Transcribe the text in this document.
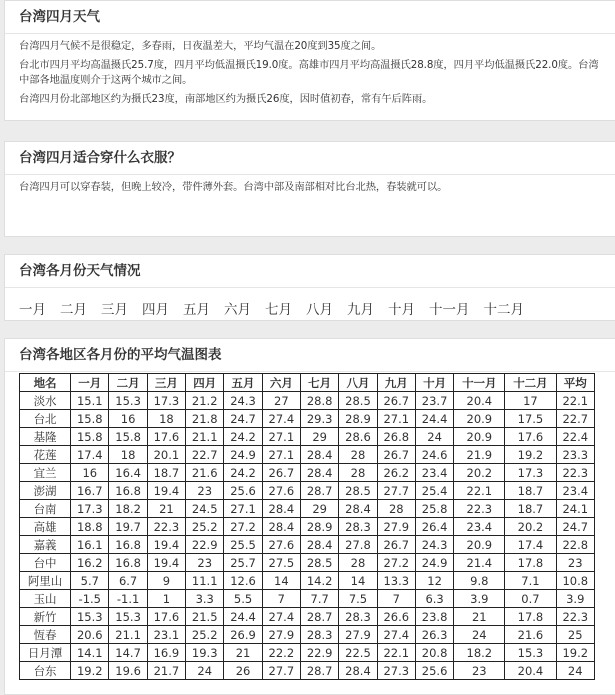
台湾四月天气

台湾四月气候不是很稳定，多春雨，日夜温差大，平均气温在20度到35度之间。

台北市四月平均高温摄氏25.7度，四月平均低温摄氏19.0度。高雄市四月平均高温摄氏28.8度，四月平均低温摄氏22.0度。台湾中部各地温度则介于这两个城市之间。

台湾四月份北部地区约为摄氏23度，南部地区约为摄氏26度，因时值初春，常有午后阵雨。

台湾四月适合穿什么衣服？

台湾四月可以穿春装，但晚上较冷，带件薄外套。台湾中部及南部相对比台北热，春装就可以。

台湾各月份天气情况
一月 二月 三月 四月 五月 六月 七月 八月 九月 十月 十一月 十二月
台湾各地区各月份的平均气温图表
地名	一月	二月	三月	四月	五月	六月	七月	八月	九月	十月	十一月	十二月	平均
淡水	15.1	15.3	17.3	21.2	24.3	27	28.8	28.5	26.7	23.7	20.4	17	22.1
台北	15.8	16	18	21.8	24.7	27.4	29.3	28.9	27.1	24.4	20.9	17.5	22.7
基隆	15.8	15.8	17.6	21.1	24.2	27.1	29	28.6	26.8	24	20.9	17.6	22.4
花莲	17.4	18	20.1	22.7	24.9	27.1	28.4	28	26.7	24.6	21.9	19.2	23.3
宜兰	16	16.4	18.7	21.6	24.2	26.7	28.4	28	26.2	23.4	20.2	17.3	22.3
澎湖	16.7	16.8	19.4	23	25.6	27.6	28.7	28.5	27.7	25.4	22.1	18.7	23.4
台南	17.3	18.2	21	24.5	27.1	28.4	29	28.4	28	25.8	22.3	18.7	24.1
高雄	18.8	19.7	22.3	25.2	27.2	28.4	28.9	28.3	27.9	26.4	23.4	20.2	24.7
嘉義	16.1	16.8	19.4	22.9	25.5	27.6	28.4	27.8	26.7	24.3	20.9	17.4	22.8
台中	16.2	16.8	19.4	23	25.7	27.5	28.5	28	27.2	24.9	21.4	17.8	23
阿里山	5.7	6.7	9	11.1	12.6	14	14.2	14	13.3	12	9.8	7.1	10.8
玉山	-1.5	-1.1	1	3.3	5.5	7	7.7	7.5	7	6.3	3.9	0.7	3.9
新竹	15.3	15.3	17.6	21.5	24.4	27.4	28.7	28.3	26.6	23.8	21	17.8	22.3
恆春	20.6	21.1	23.1	25.2	26.9	27.9	28.3	27.9	27.4	26.3	24	21.6	25
日月潭	14.1	14.7	16.9	19.3	21	22.2	22.9	22.5	22.1	20.8	18.2	15.3	19.2
台东	19.2	19.6	21.7	24	26	27.7	28.7	28.4	27.3	25.6	23	20.4	24
